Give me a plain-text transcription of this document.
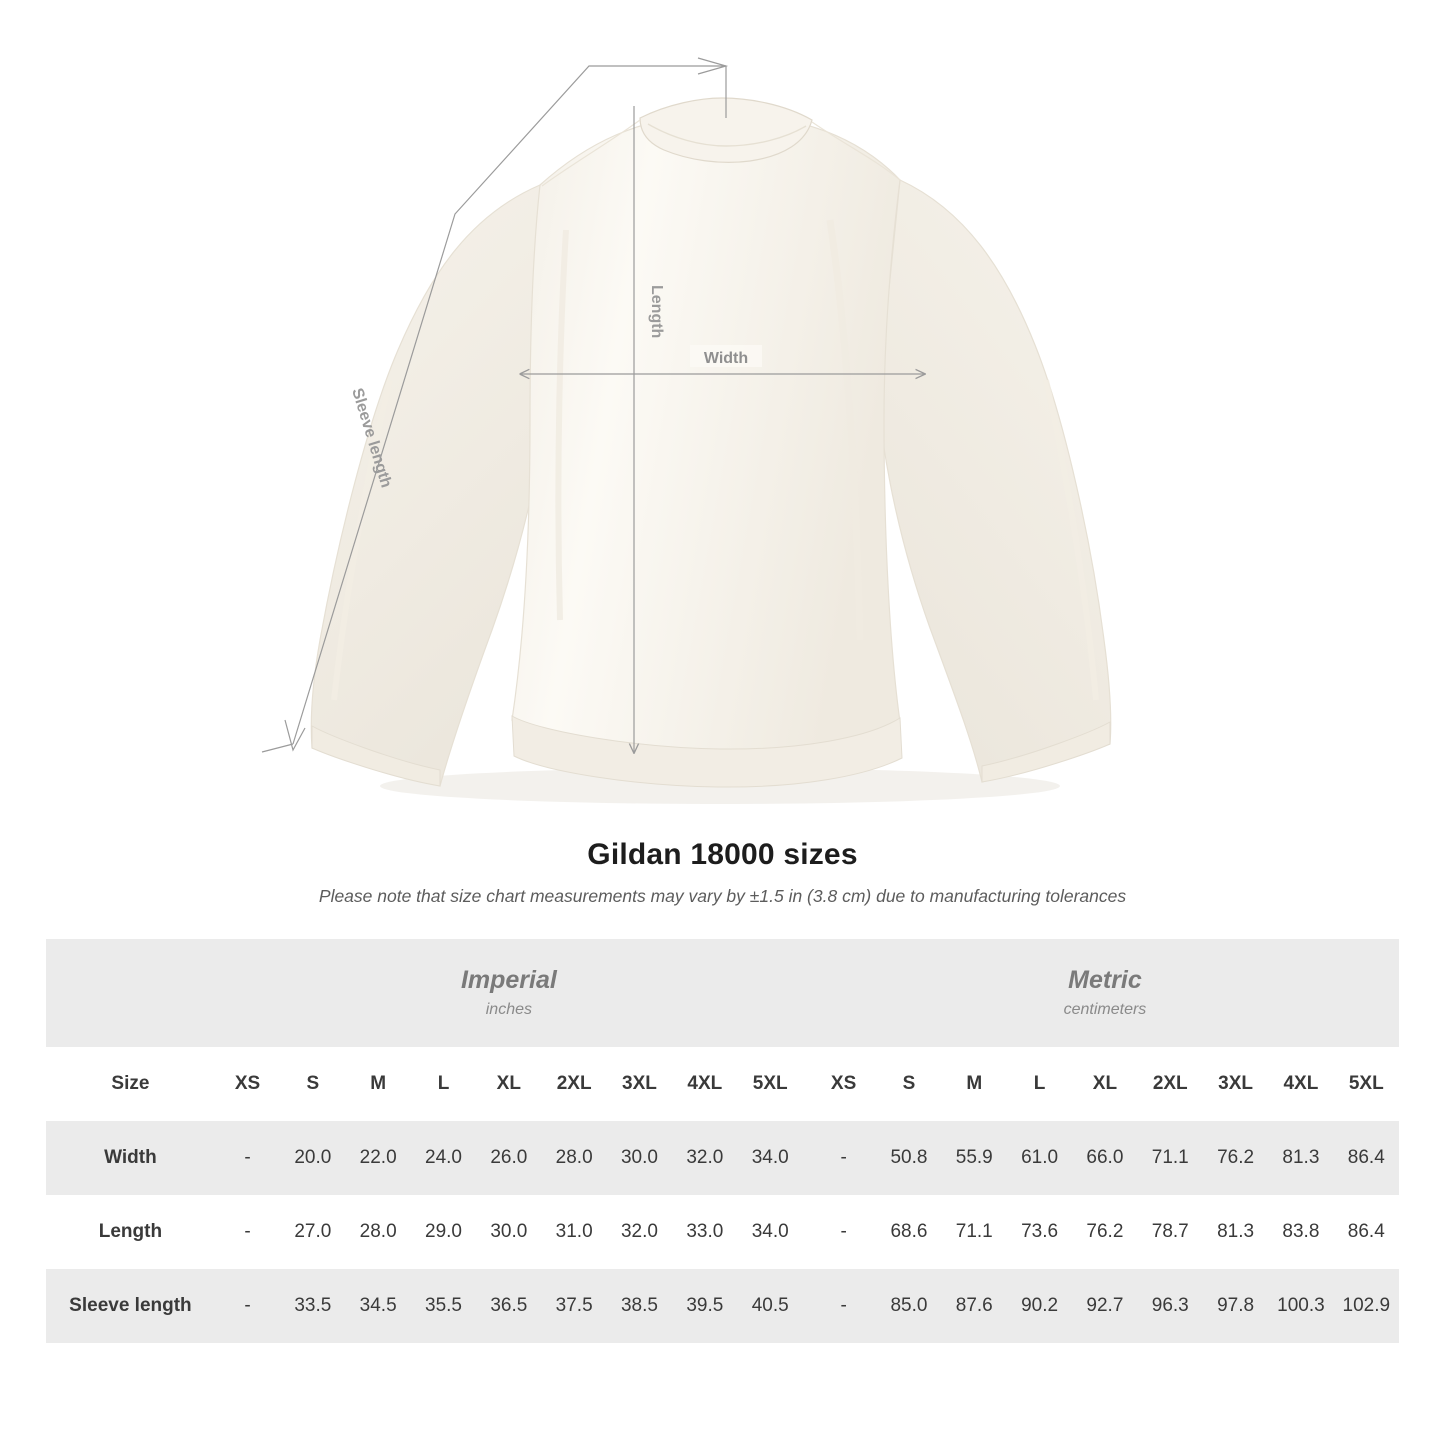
Length
Width
Sleeve length
Gildan 18000 sizes
Please note that size chart measurements may vary by ±1.5 in (3.8 cm) due to manufacturing tolerances

Imperial
inches

Metric
centimeters

Size	XS	S	M	L	XL	2XL	3XL	4XL	5XL		XS	S	M	L	XL	2XL	3XL	4XL	5XL
Width	-	20.0	22.0	24.0	26.0	28.0	30.0	32.0	34.0		-	50.8	55.9	61.0	66.0	71.1	76.2	81.3	86.4
Length	-	27.0	28.0	29.0	30.0	31.0	32.0	33.0	34.0		-	68.6	71.1	73.6	76.2	78.7	81.3	83.8	86.4
Sleeve length	-	33.5	34.5	35.5	36.5	37.5	38.5	39.5	40.5		-	85.0	87.6	90.2	92.7	96.3	97.8	100.3	102.9
